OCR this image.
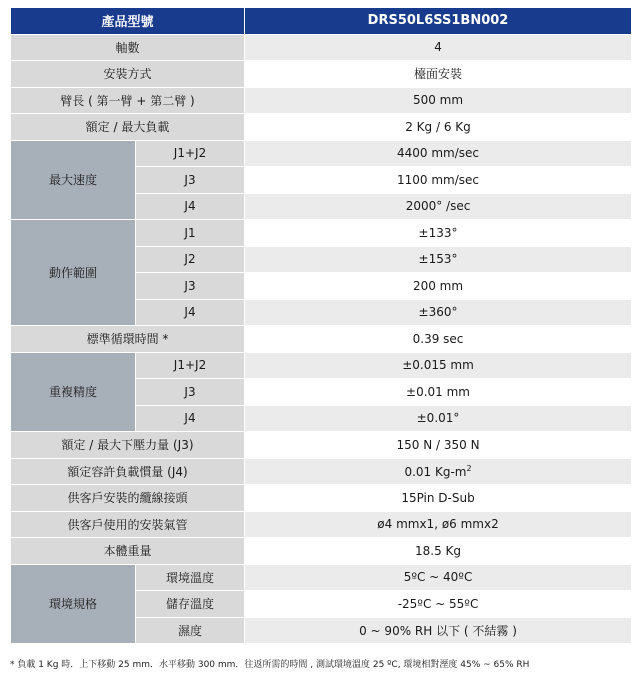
產品型號		DRS50L6SS1BN002
軸數		4
安裝方式		檯面安裝
臂長 ( 第一臂 + 第二臂 )		500 mm
額定 / 最大負載		2 Kg / 6 Kg
最大速度	J1+J2	4400 mm/sec
	J3	1100 mm/sec
	J4	2000° /sec
動作範圍	J1	±133°
	J2	±153°
	J3	200 mm
	J4	±360°
標準循環時間 *		0.39 sec
重複精度	J1+J2	±0.015 mm
	J3	±0.01 mm
	J4	±0.01°
額定 / 最大下壓力量 (J3)		150 N / 350 N
額定容許負載慣量 (J4)		0.01 $Kg-m^2$
供客戶安裝的纜線接頭		15Pin D-Sub
供客戶使用的安裝氣管		ø4 mmx1, ø6 mmx2
本體重量		18.5 Kg
環境規格	環境溫度	5ºC ~ 40ºC
	儲存溫度	-25ºC ~ 55ºC
	濕度	0 ~ 90% RH 以下 ( 不結霧 )
* 負載 1 Kg 時．上下移動 25 mm．水平移動 300 mm．往返所需的時間 , 測試環境溫度 25 ºC, 環境相對溼度 45% ~ 65% RH
